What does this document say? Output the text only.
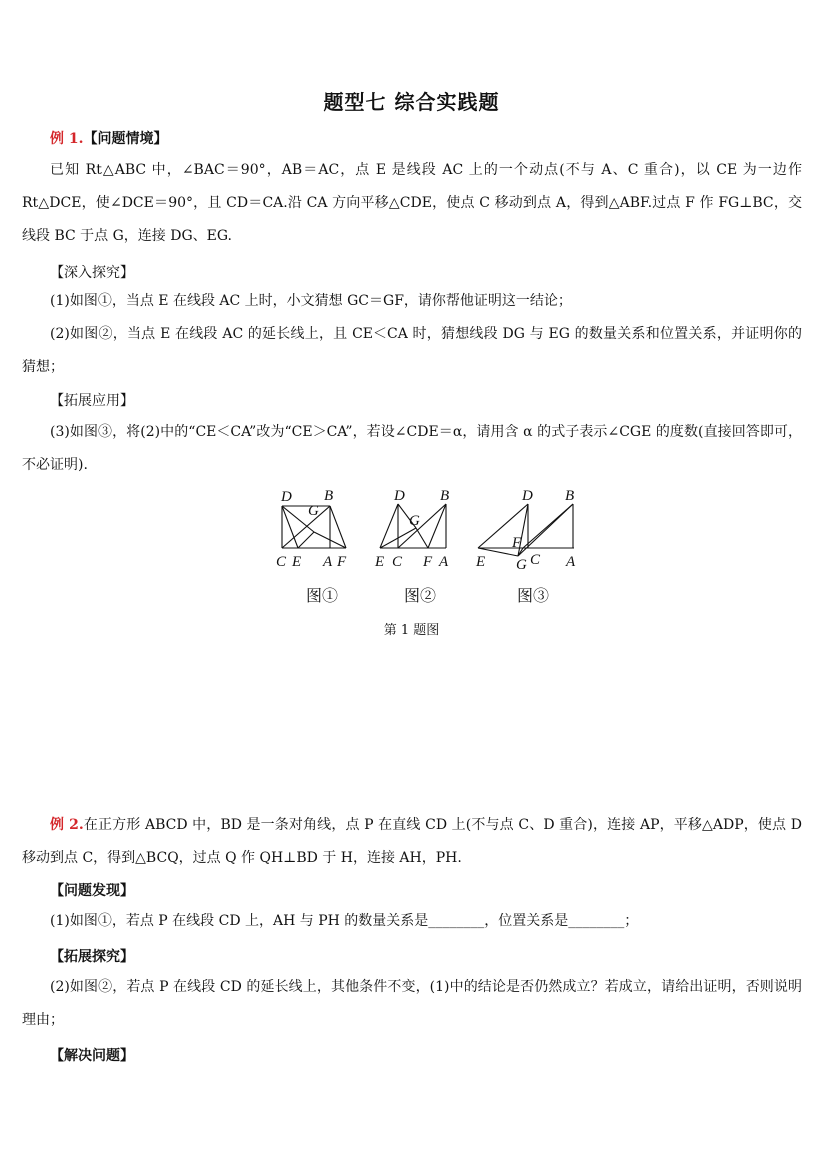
题型七 综合实践题
例 1.【问题情境】
已知 Rt△ABC 中，∠BAC＝90°，AB＝AC，点 E 是线段 AC 上的一个动点(不与 A、C 重合)，以 CE 为一边作 Rt△DCE，使∠DCE＝90°，且 CD＝CA.沿 CA 方向平移△CDE，使点 C 移动到点 A，得到△ABF.过点 F 作 FG⊥BC，交线段 BC 于点 G，连接 DG、EG.
【深入探究】
(1)如图①，当点 E 在线段 AC 上时，小文猜想 GC＝GF，请你帮他证明这一结论；
(2)如图②，当点 E 在线段 AC 的延长线上，且 CE＜CA 时，猜想线段 DG 与 EG 的数量关系和位置关系，并证明你的猜想；
【拓展应用】
(3)如图③，将(2)中的“CE＜CA”改为“CE＞CA”，若设∠CDE＝α，请用含 α 的式子表示∠CGE 的度数(直接回答即可，不必证明).
D B
G
C E A F
D B
G
E C F A
D B
F
E G C A
图①	图②	图③
第 1 题图
例 2.在正方形 ABCD 中，BD 是一条对角线，点 P 在直线 CD 上(不与点 C、D 重合)，连接 AP，平移△ADP，使点 D 移动到点 C，得到△BCQ，过点 Q 作 QH⊥BD 于 H，连接 AH，PH.
【问题发现】
(1)如图①，若点 P 在线段 CD 上，AH 与 PH 的数量关系是________，位置关系是________；
【拓展探究】
(2)如图②，若点 P 在线段 CD 的延长线上，其他条件不变，(1)中的结论是否仍然成立？若成立，请给出证明，否则说明理由；
【解决问题】
